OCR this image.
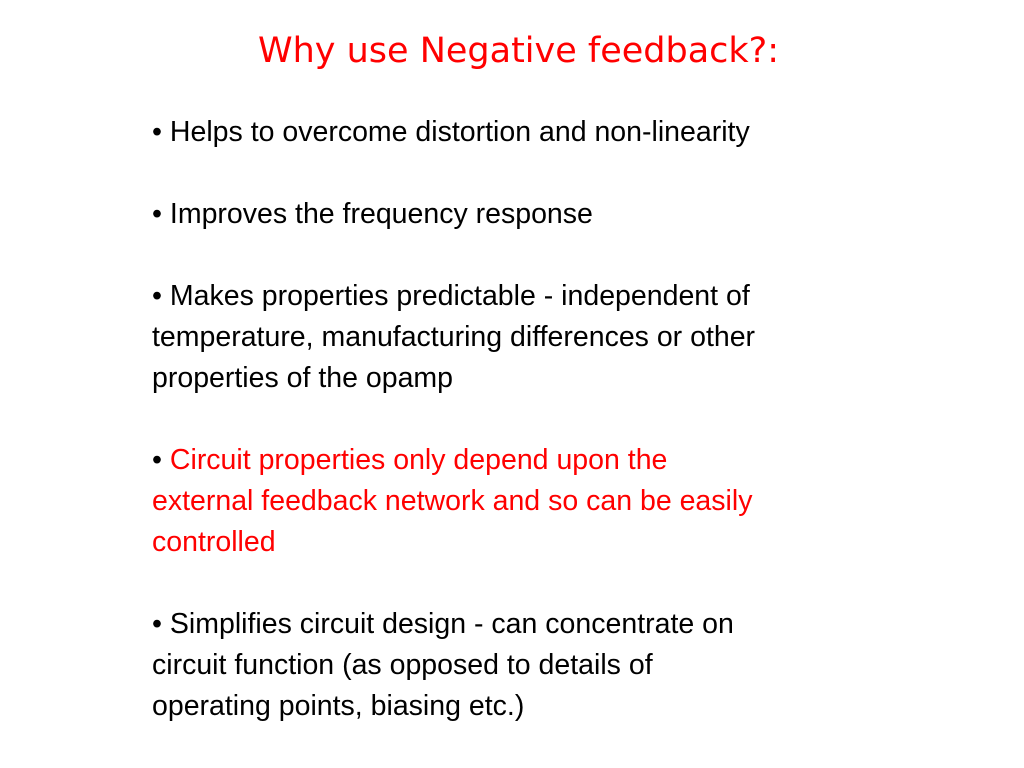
Why use Negative feedback?:
• Helps to overcome distortion and non-linearity
• Improves the frequency response
• Makes properties predictable - independent of
temperature, manufacturing differences or other
properties of the opamp
• Circuit properties only depend upon the
external feedback network and so can be easily
controlled
• Simplifies circuit design - can concentrate on
circuit function (as opposed to details of
operating points, biasing etc.)
